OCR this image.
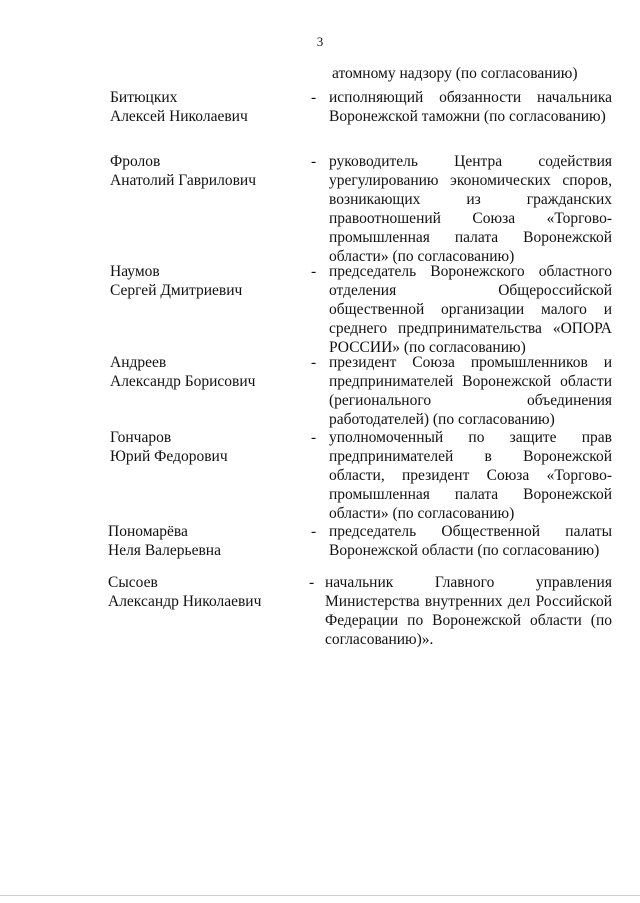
3
атомному надзору (по согласованию)
Битюцких
Алексей Николаевич
- исполняющий обязанности начальника Воронежской таможни (по согласованию)
Фролов
Анатолий Гаврилович
- руководитель Центра содействия урегулированию экономических споров, возникающих из гражданских правоотношений Союза «Торгово-промышленная палата Воронежской области» (по согласованию)
Наумов
Сергей Дмитриевич
- председатель Воронежского областного отделения Общероссийской общественной организации малого и среднего предпринимательства «ОПОРА РОССИИ» (по согласованию)
Андреев
Александр Борисович
- президент Союза промышленников и предпринимателей Воронежской области (регионального объединения работодателей) (по согласованию)
Гончаров
Юрий Федорович
- уполномоченный по защите прав предпринимателей в Воронежской области, президент Союза «Торгово-промышленная палата Воронежской области» (по согласованию)
Пономарёва
Неля Валерьевна
- председатель Общественной палаты Воронежской области (по согласованию)
Сысоев
Александр Николаевич
- начальник Главного управления Министерства внутренних дел Российской Федерации по Воронежской области (по согласованию)».
